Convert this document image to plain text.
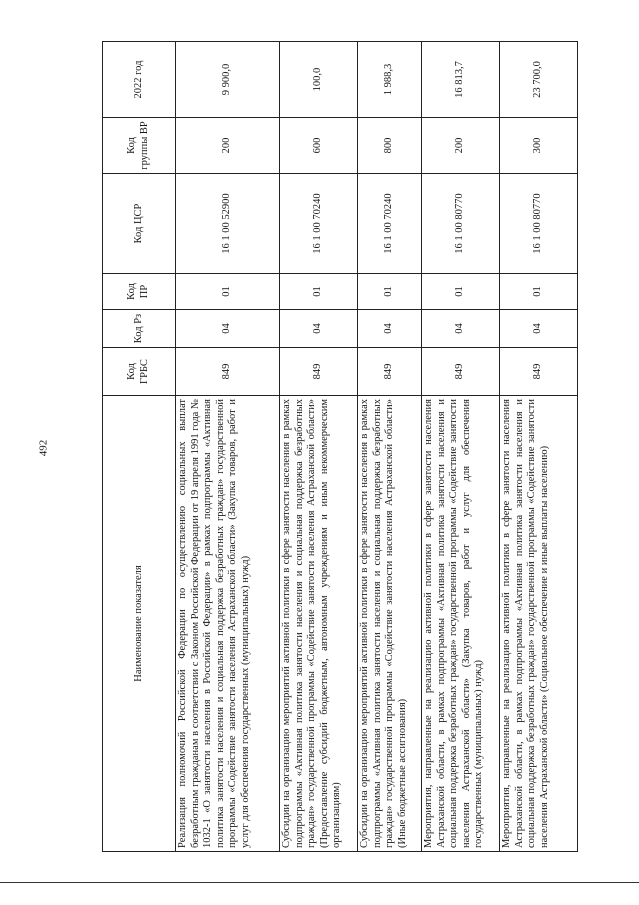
492
Наименование показателя	Код ГРБС	Код Рз	Код ПР	Код ЦСР	Код группы ВР	2022 год
Реализация полномочий Российской Федерации по осуществлению социальных выплат безработным гражданам в соответствии с Законом Российской Федерации от 19 апреля 1991 года № 1032-1 «О занятости населения в Российской Федерации» в рамках подпрограммы «Активная политика занятости населения и социальная поддержка безработных граждан» государственной программы «Содействие занятости населения Астраханской области» (Закупка товаров, работ и услуг для обеспечения государственных (муниципальных) нужд)	849	04	01	16 1 00 52900	200	9 900,0
Субсидии на организацию мероприятий активной политики в сфере занятости населения в рамках подпрограммы «Активная политика занятости населения и социальная поддержка безработных граждан» государственной программы «Содействие занятости населения Астраханской области» (Предоставление субсидий бюджетным, автономным учреждениям и иным некоммерческим организациям)	849	04	01	16 1 00 70240	600	100,0
Субсидии на организацию мероприятий активной политики в сфере занятости населения в рамках подпрограммы «Активная политика занятости населения и социальная поддержка безработных граждан» государственной программы «Содействие занятости населения Астраханской области» (Иные бюджетные ассигнования)	849	04	01	16 1 00 70240	800	1 988,3
Мероприятия, направленные на реализацию активной политики в сфере занятости населения Астраханской области, в рамках подпрограммы «Активная политика занятости населения и социальная поддержка безработных граждан» государственной программы «Содействие занятости населения Астраханской области» (Закупка товаров, работ и услуг для обеспечения государственных (муниципальных) нужд)	849	04	01	16 1 00 80770	200	16 813,7
Мероприятия, направленные на реализацию активной политики в сфере занятости населения Астраханской области, в рамках подпрограммы «Активная политика занятости населения и социальная поддержка безработных граждан» государственной программы «Содействие занятости населения Астраханской области» (Социальное обеспечение и иные выплаты населению)	849	04	01	16 1 00 80770	300	23 700,0
